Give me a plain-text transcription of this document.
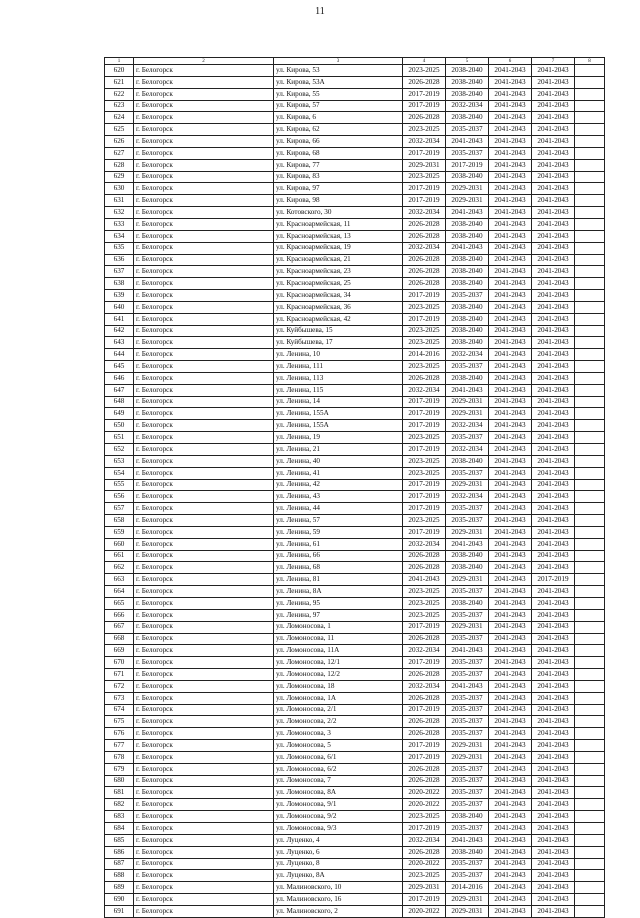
11
1	2	3	4	5	6	7	8
620	г. Белогорск	ул. Кирова, 53	2023-2025	2038-2040	2041-2043	2041-2043	
621	г. Белогорск	ул. Кирова, 53А	2026-2028	2038-2040	2041-2043	2041-2043	
622	г. Белогорск	ул. Кирова, 55	2017-2019	2038-2040	2041-2043	2041-2043	
623	г. Белогорск	ул. Кирова, 57	2017-2019	2032-2034	2041-2043	2041-2043	
624	г. Белогорск	ул. Кирова, 6	2026-2028	2038-2040	2041-2043	2041-2043	
625	г. Белогорск	ул. Кирова, 62	2023-2025	2035-2037	2041-2043	2041-2043	
626	г. Белогорск	ул. Кирова, 66	2032-2034	2041-2043	2041-2043	2041-2043	
627	г. Белогорск	ул. Кирова, 68	2017-2019	2035-2037	2041-2043	2041-2043	
628	г. Белогорск	ул. Кирова, 77	2029-2031	2017-2019	2041-2043	2041-2043	
629	г. Белогорск	ул. Кирова, 83	2023-2025	2038-2040	2041-2043	2041-2043	
630	г. Белогорск	ул. Кирова, 97	2017-2019	2029-2031	2041-2043	2041-2043	
631	г. Белогорск	ул. Кирова, 98	2017-2019	2029-2031	2041-2043	2041-2043	
632	г. Белогорск	ул. Котовского, 30	2032-2034	2041-2043	2041-2043	2041-2043	
633	г. Белогорск	ул. Красноармейская, 11	2026-2028	2038-2040	2041-2043	2041-2043	
634	г. Белогорск	ул. Красноармейская, 13	2026-2028	2038-2040	2041-2043	2041-2043	
635	г. Белогорск	ул. Красноармейская, 19	2032-2034	2041-2043	2041-2043	2041-2043	
636	г. Белогорск	ул. Красноармейская, 21	2026-2028	2038-2040	2041-2043	2041-2043	
637	г. Белогорск	ул. Красноармейская, 23	2026-2028	2038-2040	2041-2043	2041-2043	
638	г. Белогорск	ул. Красноармейская, 25	2026-2028	2038-2040	2041-2043	2041-2043	
639	г. Белогорск	ул. Красноармейская, 34	2017-2019	2035-2037	2041-2043	2041-2043	
640	г. Белогорск	ул. Красноармейская, 36	2023-2025	2038-2040	2041-2043	2041-2043	
641	г. Белогорск	ул. Красноармейская, 42	2017-2019	2038-2040	2041-2043	2041-2043	
642	г. Белогорск	ул. Куйбышева, 15	2023-2025	2038-2040	2041-2043	2041-2043	
643	г. Белогорск	ул. Куйбышева, 17	2023-2025	2038-2040	2041-2043	2041-2043	
644	г. Белогорск	ул. Ленина, 10	2014-2016	2032-2034	2041-2043	2041-2043	
645	г. Белогорск	ул. Ленина, 111	2023-2025	2035-2037	2041-2043	2041-2043	
646	г. Белогорск	ул. Ленина, 113	2026-2028	2038-2040	2041-2043	2041-2043	
647	г. Белогорск	ул. Ленина, 115	2032-2034	2041-2043	2041-2043	2041-2043	
648	г. Белогорск	ул. Ленина, 14	2017-2019	2029-2031	2041-2043	2041-2043	
649	г. Белогорск	ул. Ленина, 155А	2017-2019	2029-2031	2041-2043	2041-2043	
650	г. Белогорск	ул. Ленина, 155А	2017-2019	2032-2034	2041-2043	2041-2043	
651	г. Белогорск	ул. Ленина, 19	2023-2025	2035-2037	2041-2043	2041-2043	
652	г. Белогорск	ул. Ленина, 21	2017-2019	2032-2034	2041-2043	2041-2043	
653	г. Белогорск	ул. Ленина, 40	2023-2025	2038-2040	2041-2043	2041-2043	
654	г. Белогорск	ул. Ленина, 41	2023-2025	2035-2037	2041-2043	2041-2043	
655	г. Белогорск	ул. Ленина, 42	2017-2019	2029-2031	2041-2043	2041-2043	
656	г. Белогорск	ул. Ленина, 43	2017-2019	2032-2034	2041-2043	2041-2043	
657	г. Белогорск	ул. Ленина, 44	2017-2019	2035-2037	2041-2043	2041-2043	
658	г. Белогорск	ул. Ленина, 57	2023-2025	2035-2037	2041-2043	2041-2043	
659	г. Белогорск	ул. Ленина, 59	2017-2019	2029-2031	2041-2043	2041-2043	
660	г. Белогорск	ул. Ленина, 61	2032-2034	2041-2043	2041-2043	2041-2043	
661	г. Белогорск	ул. Ленина, 66	2026-2028	2038-2040	2041-2043	2041-2043	
662	г. Белогорск	ул. Ленина, 68	2026-2028	2038-2040	2041-2043	2041-2043	
663	г. Белогорск	ул. Ленина, 81	2041-2043	2029-2031	2041-2043	2017-2019	
664	г. Белогорск	ул. Ленина, 8А	2023-2025	2035-2037	2041-2043	2041-2043	
665	г. Белогорск	ул. Ленина, 95	2023-2025	2038-2040	2041-2043	2041-2043	
666	г. Белогорск	ул. Ленина, 97	2023-2025	2035-2037	2041-2043	2041-2043	
667	г. Белогорск	ул. Ломоносова, 1	2017-2019	2029-2031	2041-2043	2041-2043	
668	г. Белогорск	ул. Ломоносова, 11	2026-2028	2035-2037	2041-2043	2041-2043	
669	г. Белогорск	ул. Ломоносова, 11А	2032-2034	2041-2043	2041-2043	2041-2043	
670	г. Белогорск	ул. Ломоносова, 12/1	2017-2019	2035-2037	2041-2043	2041-2043	
671	г. Белогорск	ул. Ломоносова, 12/2	2026-2028	2035-2037	2041-2043	2041-2043	
672	г. Белогорск	ул. Ломоносова, 18	2032-2034	2041-2043	2041-2043	2041-2043	
673	г. Белогорск	ул. Ломоносова, 1А	2026-2028	2035-2037	2041-2043	2041-2043	
674	г. Белогорск	ул. Ломоносова, 2/1	2017-2019	2035-2037	2041-2043	2041-2043	
675	г. Белогорск	ул. Ломоносова, 2/2	2026-2028	2035-2037	2041-2043	2041-2043	
676	г. Белогорск	ул. Ломоносова, 3	2026-2028	2035-2037	2041-2043	2041-2043	
677	г. Белогорск	ул. Ломоносова, 5	2017-2019	2029-2031	2041-2043	2041-2043	
678	г. Белогорск	ул. Ломоносова, 6/1	2017-2019	2029-2031	2041-2043	2041-2043	
679	г. Белогорск	ул. Ломоносова, 6/2	2026-2028	2035-2037	2041-2043	2041-2043	
680	г. Белогорск	ул. Ломоносова, 7	2026-2028	2035-2037	2041-2043	2041-2043	
681	г. Белогорск	ул. Ломоносова, 8А	2020-2022	2035-2037	2041-2043	2041-2043	
682	г. Белогорск	ул. Ломоносова, 9/1	2020-2022	2035-2037	2041-2043	2041-2043	
683	г. Белогорск	ул. Ломоносова, 9/2	2023-2025	2038-2040	2041-2043	2041-2043	
684	г. Белогорск	ул. Ломоносова, 9/3	2017-2019	2035-2037	2041-2043	2041-2043	
685	г. Белогорск	ул. Луценко, 4	2032-2034	2041-2043	2041-2043	2041-2043	
686	г. Белогорск	ул. Луценко, 6	2026-2028	2038-2040	2041-2043	2041-2043	
687	г. Белогорск	ул. Луценко, 8	2020-2022	2035-2037	2041-2043	2041-2043	
688	г. Белогорск	ул. Луценко, 8А	2023-2025	2035-2037	2041-2043	2041-2043	
689	г. Белогорск	ул. Малиновского, 10	2029-2031	2014-2016	2041-2043	2041-2043	
690	г. Белогорск	ул. Малиновского, 16	2017-2019	2029-2031	2041-2043	2041-2043	
691	г. Белогорск	ул. Малиновского, 2	2020-2022	2029-2031	2041-2043	2041-2043	
